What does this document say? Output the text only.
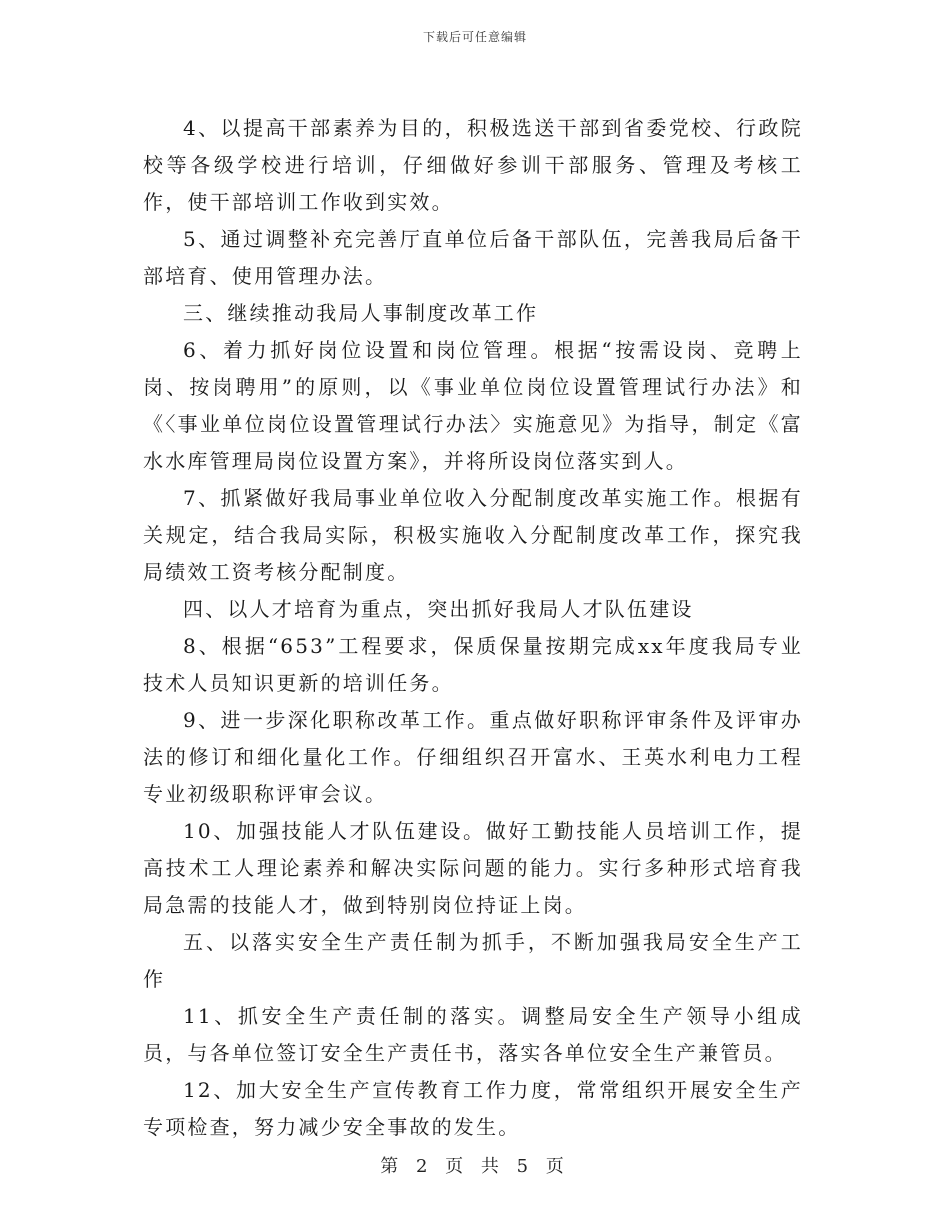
下载后可任意编辑

4、以提高干部素养为目的，积极选送干部到省委党校、行政院校等各级学校进行培训，仔细做好参训干部服务、管理及考核工作，使干部培训工作收到实效。

5、通过调整补充完善厅直单位后备干部队伍，完善我局后备干部培育、使用管理办法。

三、继续推动我局人事制度改革工作

6、着力抓好岗位设置和岗位管理。根据“按需设岗、竞聘上岗、按岗聘用”的原则，以《事业单位岗位设置管理试行办法》和《〈事业单位岗位设置管理试行办法〉实施意见》为指导，制定《富水水库管理局岗位设置方案》，并将所设岗位落实到人。

7、抓紧做好我局事业单位收入分配制度改革实施工作。根据有关规定，结合我局实际，积极实施收入分配制度改革工作，探究我局绩效工资考核分配制度。

四、以人才培育为重点，突出抓好我局人才队伍建设

8、根据“653”工程要求，保质保量按期完成xx年度我局专业技术人员知识更新的培训任务。

9、进一步深化职称改革工作。重点做好职称评审条件及评审办法的修订和细化量化工作。仔细组织召开富水、王英水利电力工程专业初级职称评审会议。

10、加强技能人才队伍建设。做好工勤技能人员培训工作，提高技术工人理论素养和解决实际问题的能力。实行多种形式培育我局急需的技能人才，做到特别岗位持证上岗。

五、以落实安全生产责任制为抓手，不断加强我局安全生产工作

11、抓安全生产责任制的落实。调整局安全生产领导小组成员，与各单位签订安全生产责任书，落实各单位安全生产兼管员。

12、加大安全生产宣传教育工作力度，常常组织开展安全生产专项检查，努力减少安全事故的发生。

第 2 页 共 5 页
